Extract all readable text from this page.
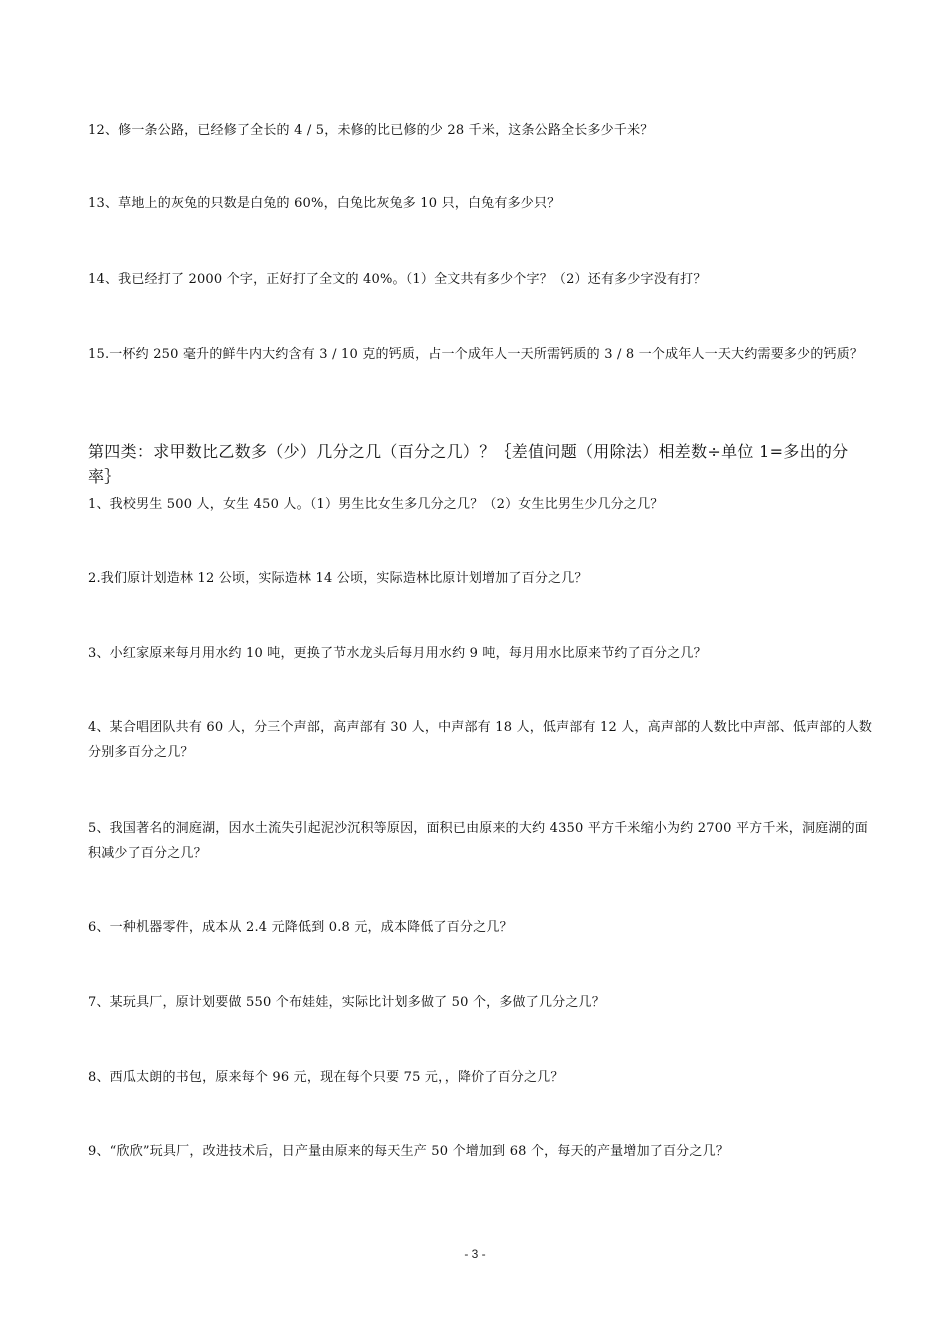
12、修一条公路，已经修了全长的 4 / 5，未修的比已修的少 28 千米，这条公路全长多少千米？
13、草地上的灰兔的只数是白兔的 60%，白兔比灰兔多 10 只，白兔有多少只？
14、我已经打了 2000 个字，正好打了全文的 40%。（1）全文共有多少个字？（2）还有多少字没有打？
15.一杯约 250 毫升的鲜牛内大约含有 3 / 10 克的钙质，占一个成年人一天所需钙质的 3 / 8 一个成年人一天大约需要多少的钙质？
第四类：求甲数比乙数多（少）几分之几（百分之几）？｛差值问题（用除法）相差数÷单位 1=多出的分率｝
1、我校男生 500 人，女生 450 人。（1）男生比女生多几分之几？（2）女生比男生少几分之几？
2.我们原计划造林 12 公顷，实际造林 14 公顷，实际造林比原计划增加了百分之几？
3、小红家原来每月用水约 10 吨，更换了节水龙头后每月用水约 9 吨，每月用水比原来节约了百分之几？
4、某合唱团队共有 60 人，分三个声部，高声部有 30 人，中声部有 18 人，低声部有 12 人，高声部的人数比中声部、低声部的人数分别多百分之几？
5、我国著名的洞庭湖，因水土流失引起泥沙沉积等原因，面积已由原来的大约 4350 平方千米缩小为约 2700 平方千米，洞庭湖的面积减少了百分之几？
6、一种机器零件，成本从 2.4 元降低到 0.8 元，成本降低了百分之几？
7、某玩具厂，原计划要做 550 个布娃娃，实际比计划多做了 50 个，多做了几分之几？
8、西瓜太朗的书包，原来每个 96 元，现在每个只要 75 元，，降价了百分之几？
9、“欣欣”玩具厂，改进技术后，日产量由原来的每天生产 50 个增加到 68 个，每天的产量增加了百分之几？
- 3 -
